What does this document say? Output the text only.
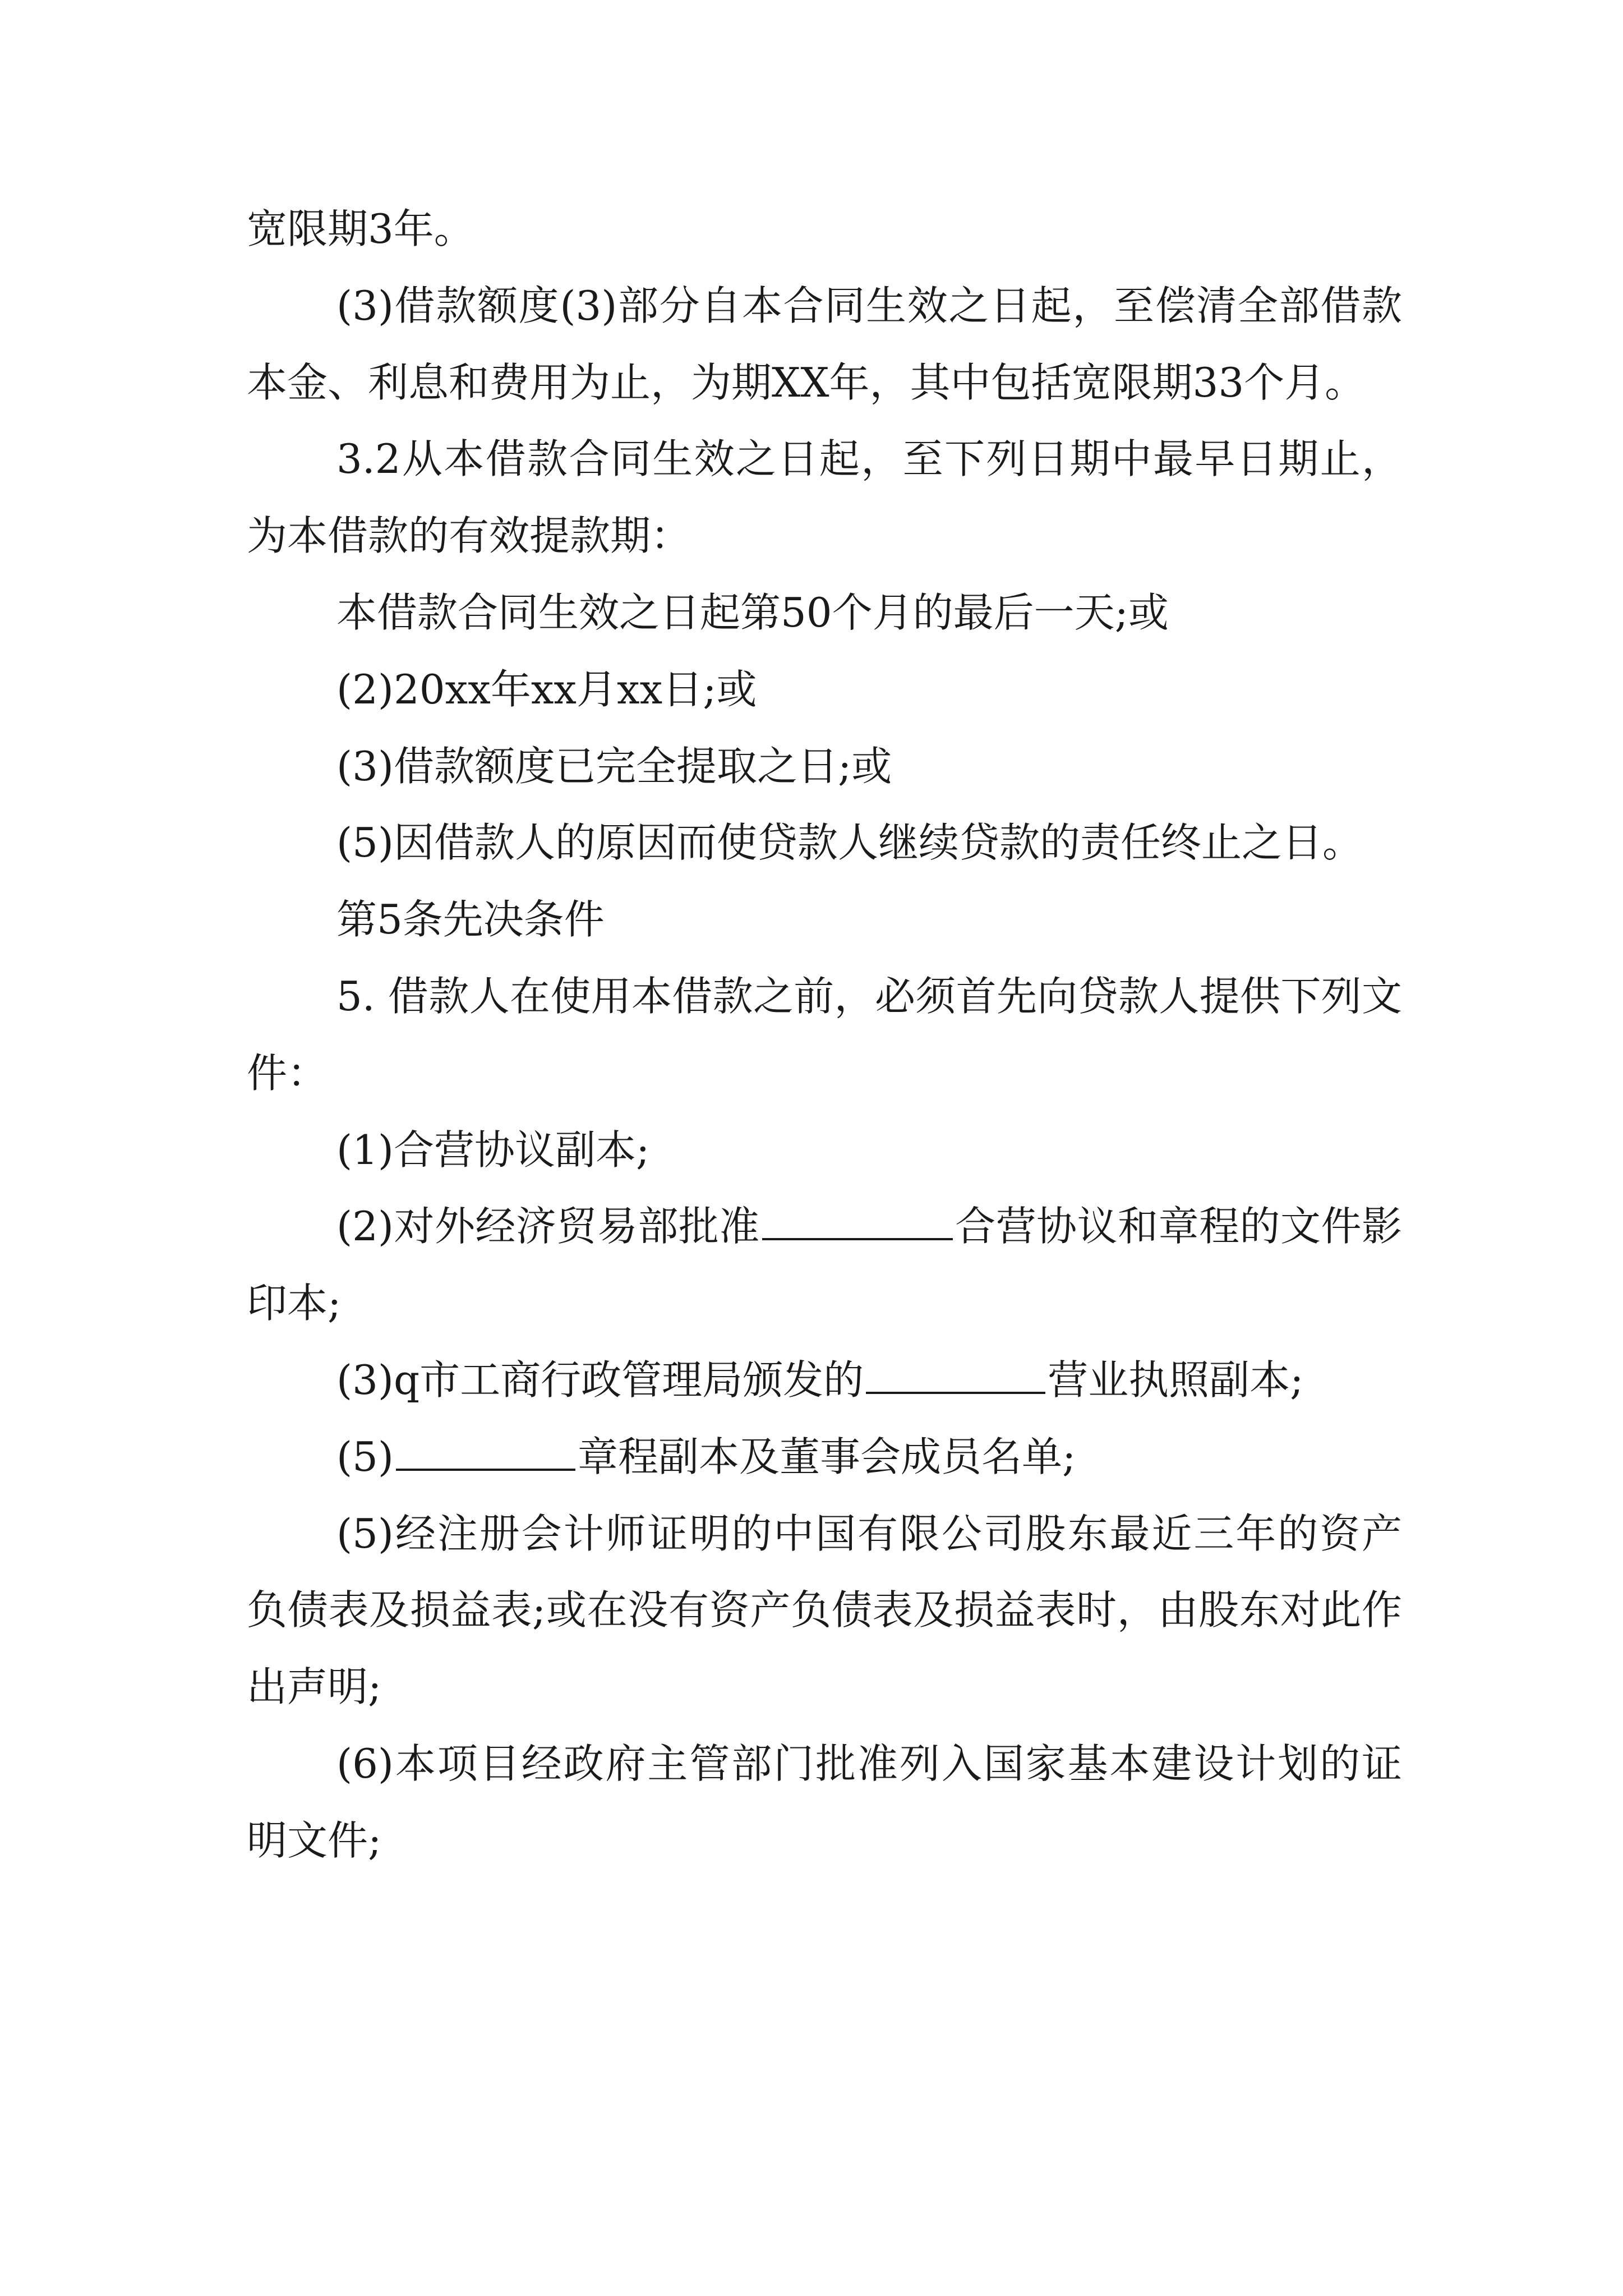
宽限期3年。

(3)借款额度(3)部分自本合同生效之日起，至偿清全部借款本金、利息和费用为止，为期XX年，其中包括宽限期33个月。

3.2从本借款合同生效之日起，至下列日期中最早日期止，为本借款的有效提款期：

本借款合同生效之日起第50个月的最后一天;或

(2)20xx年xx月xx日;或

(3)借款额度已完全提取之日;或

(5)因借款人的原因而使贷款人继续贷款的责任终止之日。

第5条先决条件

5. 借款人在使用本借款之前，必须首先向贷款人提供下列文件：

(1)合营协议副本;

(2)对外经济贸易部批准	合营协议和章程的文件影印本;

(3)q市工商行政管理局颁发的	营业执照副本;

(5)	章程副本及董事会成员名单;

(5)经注册会计师证明的中国有限公司股东最近三年的资产负债表及损益表;或在没有资产负债表及损益表时，由股东对此作出声明;

(6)本项目经政府主管部门批准列入国家基本建设计划的证明文件;
